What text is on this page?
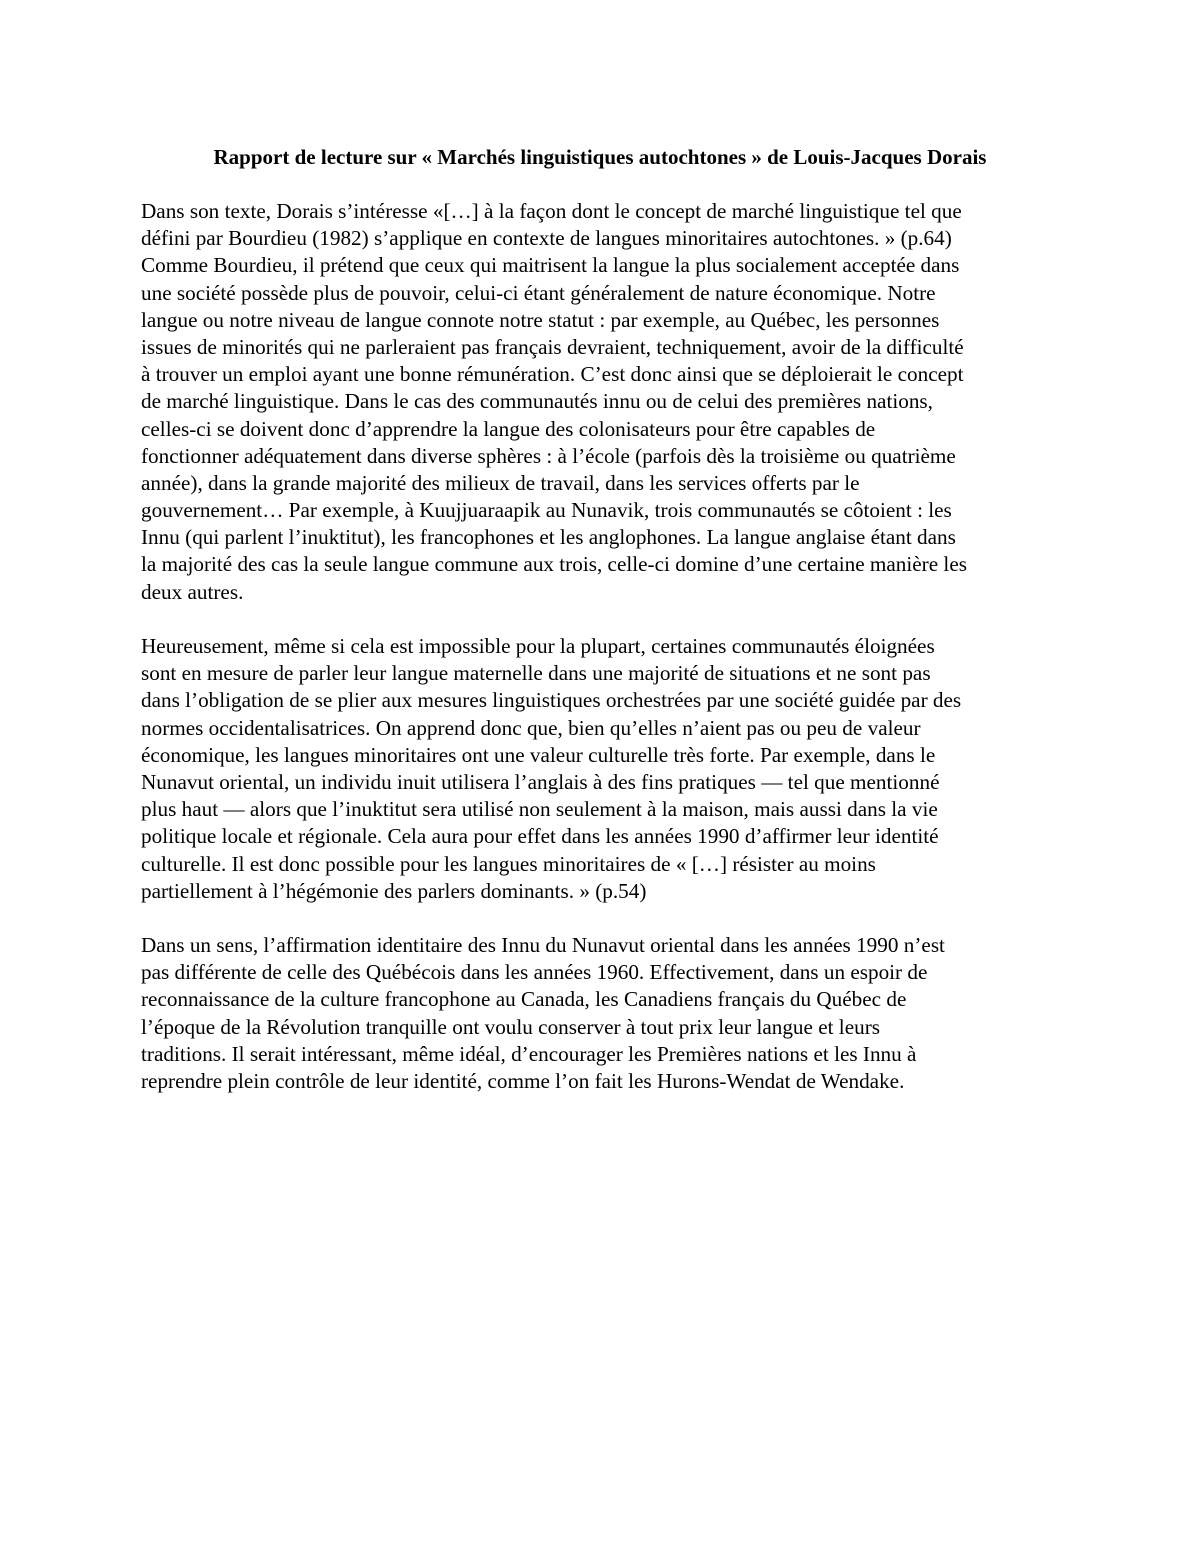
Rapport de lecture sur « Marchés linguistiques autochtones » de Louis-Jacques Dorais

Dans son texte, Dorais s’intéresse «[…] à la façon dont le concept de marché linguistique tel que
défini par Bourdieu (1982) s’applique en contexte de langues minoritaires autochtones. » (p.64)
Comme Bourdieu, il prétend que ceux qui maitrisent la langue la plus socialement acceptée dans
une société possède plus de pouvoir, celui-ci étant généralement de nature économique. Notre
langue ou notre niveau de langue connote notre statut : par exemple, au Québec, les personnes
issues de minorités qui ne parleraient pas français devraient, techniquement, avoir de la difficulté
à trouver un emploi ayant une bonne rémunération. C’est donc ainsi que se déploierait le concept
de marché linguistique. Dans le cas des communautés innu ou de celui des premières nations,
celles-ci se doivent donc d’apprendre la langue des colonisateurs pour être capables de
fonctionner adéquatement dans diverse sphères : à l’école (parfois dès la troisième ou quatrième
année), dans la grande majorité des milieux de travail, dans les services offerts par le
gouvernement… Par exemple, à Kuujjuaraapik au Nunavik, trois communautés se côtoient : les
Innu (qui parlent l’inuktitut), les francophones et les anglophones. La langue anglaise étant dans
la majorité des cas la seule langue commune aux trois, celle-ci domine d’une certaine manière les
deux autres.

Heureusement, même si cela est impossible pour la plupart, certaines communautés éloignées
sont en mesure de parler leur langue maternelle dans une majorité de situations et ne sont pas
dans l’obligation de se plier aux mesures linguistiques orchestrées par une société guidée par des
normes occidentalisatrices. On apprend donc que, bien qu’elles n’aient pas ou peu de valeur
économique, les langues minoritaires ont une valeur culturelle très forte. Par exemple, dans le
Nunavut oriental, un individu inuit utilisera l’anglais à des fins pratiques — tel que mentionné
plus haut — alors que l’inuktitut sera utilisé non seulement à la maison, mais aussi dans la vie
politique locale et régionale. Cela aura pour effet dans les années 1990 d’affirmer leur identité
culturelle. Il est donc possible pour les langues minoritaires de « […] résister au moins
partiellement à l’hégémonie des parlers dominants. » (p.54)

Dans un sens, l’affirmation identitaire des Innu du Nunavut oriental dans les années 1990 n’est
pas différente de celle des Québécois dans les années 1960. Effectivement, dans un espoir de
reconnaissance de la culture francophone au Canada, les Canadiens français du Québec de
l’époque de la Révolution tranquille ont voulu conserver à tout prix leur langue et leurs
traditions. Il serait intéressant, même idéal, d’encourager les Premières nations et les Innu à
reprendre plein contrôle de leur identité, comme l’on fait les Hurons-Wendat de Wendake.
